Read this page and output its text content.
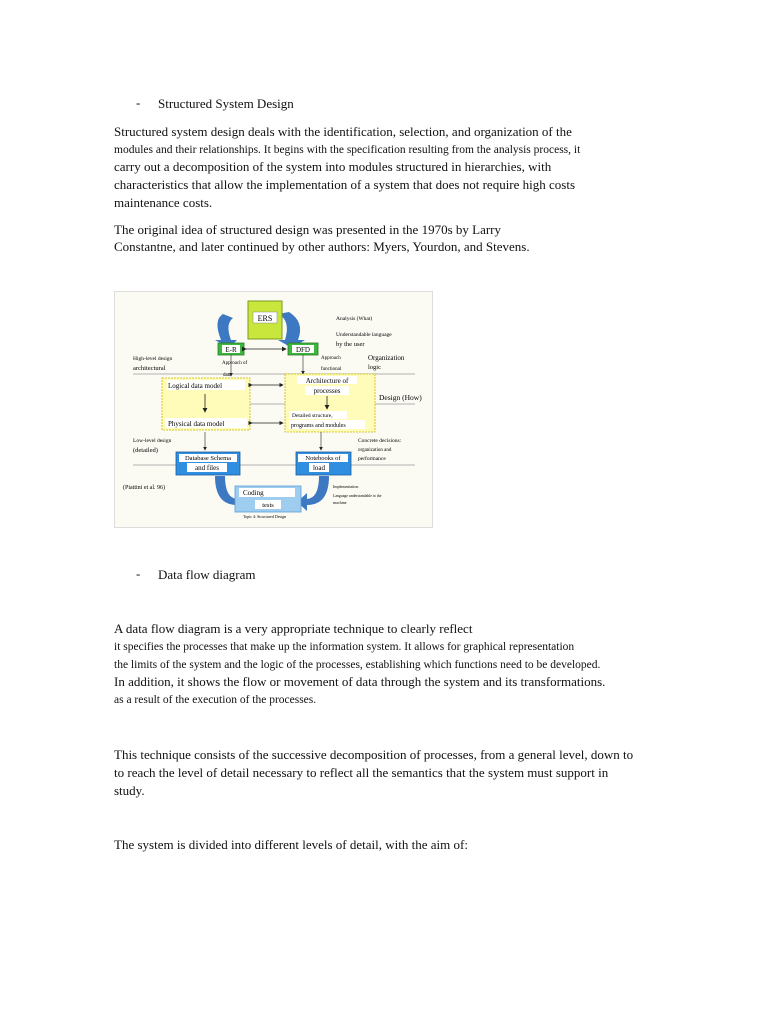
- Structured System Design
Structured system design deals with the identification, selection, and organization of the
modules and their relationships. It begins with the specification resulting from the analysis process, it
carry out a decomposition of the system into modules structured in hierarchies, with
characteristics that allow the implementation of a system that does not require high costs
maintenance costs.
The original idea of structured design was presented in the 1970s by Larry
Constantne, and later continued by other authors: Myers, Yourdon, and Stevens.
ERS
E-R	DFD
Analysis (What)
Understandable language
by the user
High-level design
architectural
Approach of
data
Approach
functional
Organization
logic
Logical data model
Physical data model
Architecture of
processes
Detailed structure,
programs and modules
Design (How)
Low-level design
(detailed)
Concrete decisions:
organization and
performance
Database Schema
and files
Notebooks of
load
(Piattini et al. 96)
Coding
tests
Implementation
Language understandable to the
machine
Topic 4: Structured Design
- Data flow diagram
A data flow diagram is a very appropriate technique to clearly reflect
it specifies the processes that make up the information system. It allows for graphical representation
the limits of the system and the logic of the processes, establishing which functions need to be developed.
In addition, it shows the flow or movement of data through the system and its transformations.
as a result of the execution of the processes.
This technique consists of the successive decomposition of processes, from a general level, down to
to reach the level of detail necessary to reflect all the semantics that the system must support in
study.
The system is divided into different levels of detail, with the aim of:
